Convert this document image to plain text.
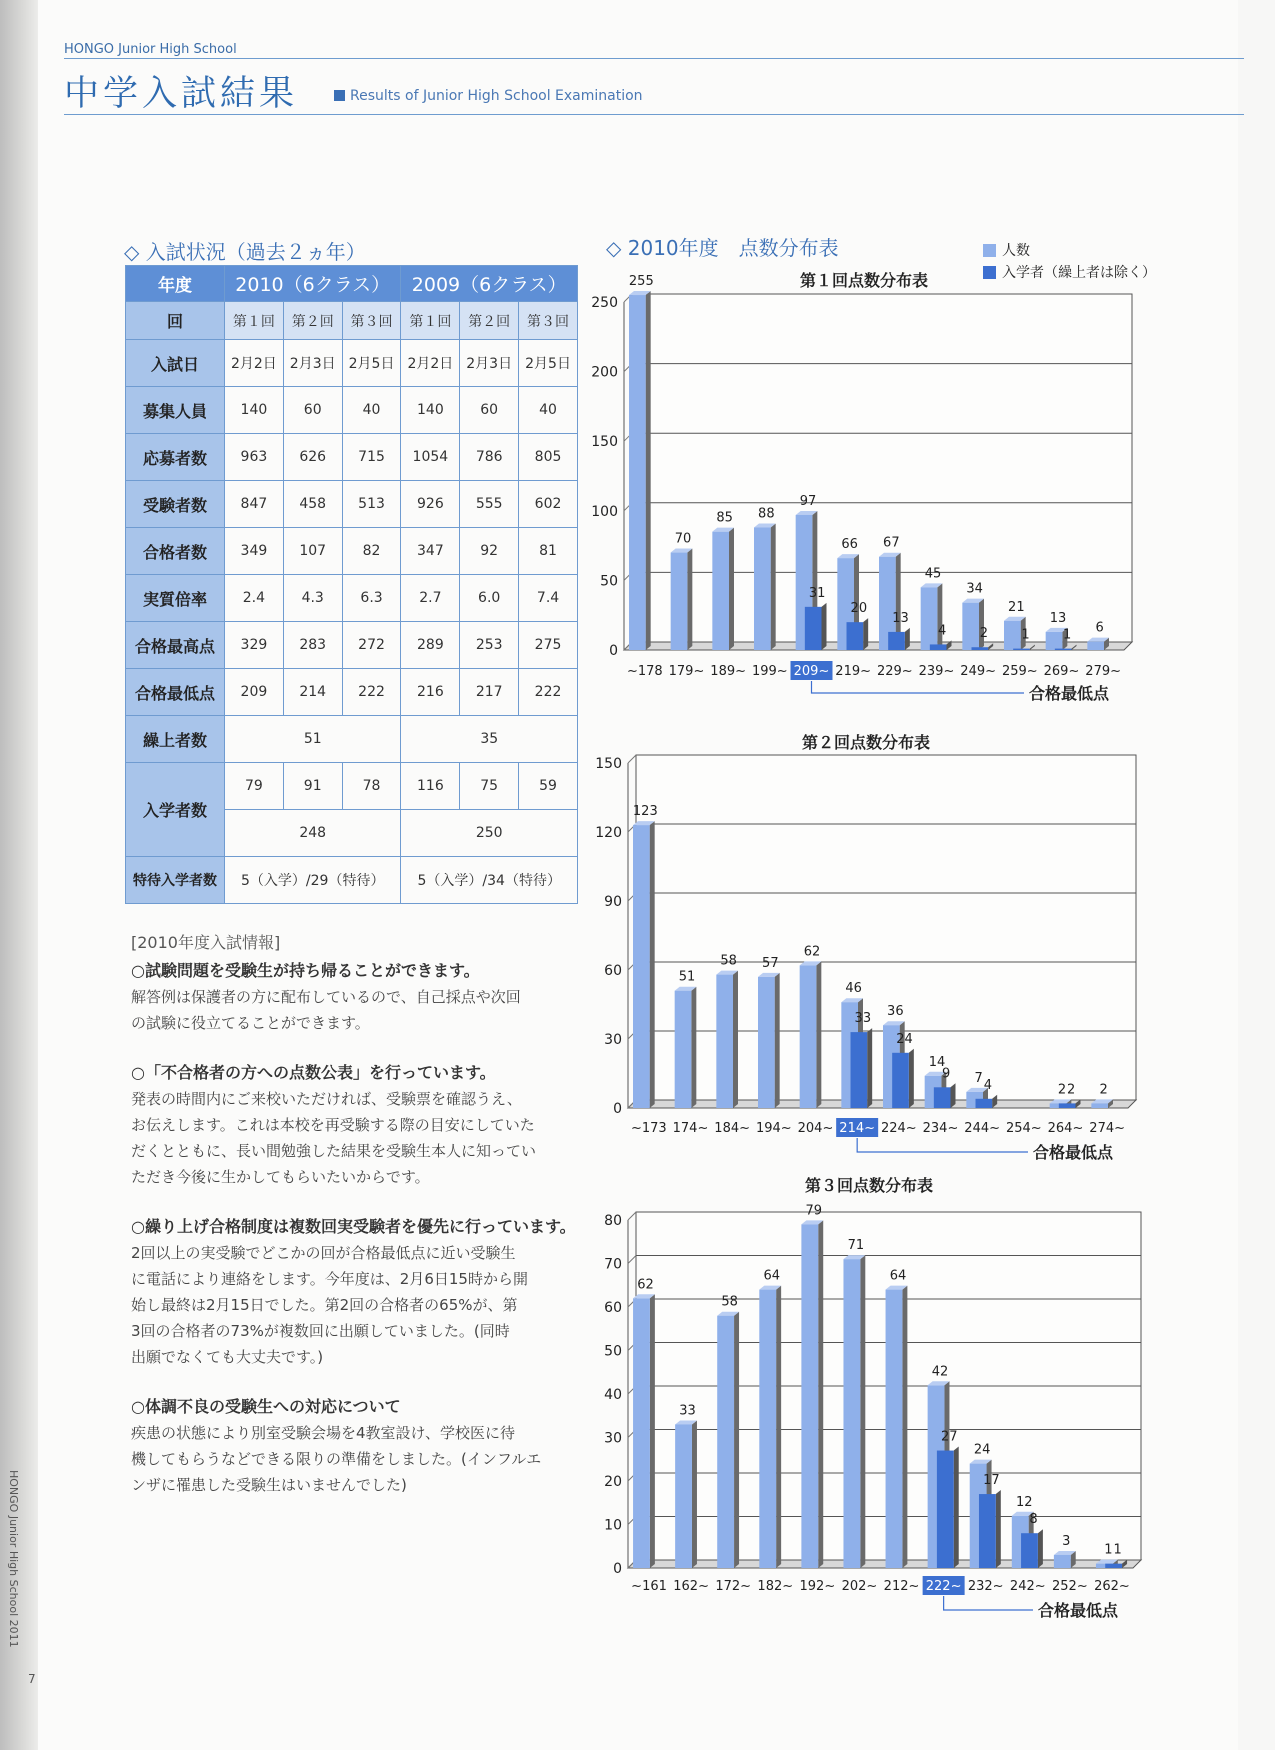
HONGO Junior High School
中学入試結果	Results of Junior High School Examination
◇ 入試状況（過去２ヵ年）
年度	2010（6クラス）			2009（6クラス）		
回	第１回	第２回	第３回	第１回	第２回	第３回
入試日	2月2日	2月3日	2月5日	2月2日	2月3日	2月5日
募集人員	140	60	40	140	60	40
応募者数	963	626	715	1054	786	805
受験者数	847	458	513	926	555	602
合格者数	349	107	82	347	92	81
実質倍率	2.4	4.3	6.3	2.7	6.0	7.4
合格最高点	329	283	272	289	253	275
合格最低点	209	214	222	216	217	222
繰上者数	51			35		
入学者数	79	91	78	116	75	59
	248			250		
特待入学者数	5（入学）/29（特待）			5（入学）/34（特待）		
[2010年度入試情報]
○試験問題を受験生が持ち帰ることができます。
解答例は保護者の方に配布しているので、自己採点や次回
の試験に役立てることができます。
○「不合格者の方への点数公表」を行っています。
発表の時間内にご来校いただければ、受験票を確認うえ、
お伝えします。これは本校を再受験する際の目安にしていた
だくとともに、長い間勉強した結果を受験生本人に知ってい
ただき今後に生かしてもらいたいからです。
○繰り上げ合格制度は複数回実受験者を優先に行っています。
2回以上の実受験でどこかの回が合格最低点に近い受験生
に電話により連絡をします。今年度は、2月6日15時から開
始し最終は2月15日でした。第2回の合格者の65%が、第
3回の合格者の73%が複数回に出願していました。(同時
出願でなくても大丈夫です。)
○体調不良の受験生への対応について
疾患の状態により別室受験会場を4教室設け、学校医に待
機してもらうなどできる限りの準備をしました。(インフルエ
ンザに罹患した受験生はいませんでした)
◇ 2010年度　点数分布表	人数
入学者（繰上者は除く）
第１回点数分布表
第２回点数分布表
第３回点数分布表
0
50
100
150
200
250
255
~178
70
179~
85
189~
88
199~
97
31
209~
合格最低点
66
20
219~
67
13
229~
45
4
239~
34
2
249~
21
1
259~
13
1
269~
6
279~
0
30
60
90
120
150
123
~173
51
174~
58
184~
57
194~
62
204~
46
33
214~
合格最低点
36
24
224~
14
9
234~
7 4
244~ 254~
2 2
264~
2
274~
0
10
20
30
40
50
60
70
80
62
~161
33
162~
58
172~
64
182~
79
192~
71
202~
64
212~
42
27
222~
合格最低点
24
17
232~
12
8
242~
3
252~
1 1
262~
HONGO Junior High School 2011
7
